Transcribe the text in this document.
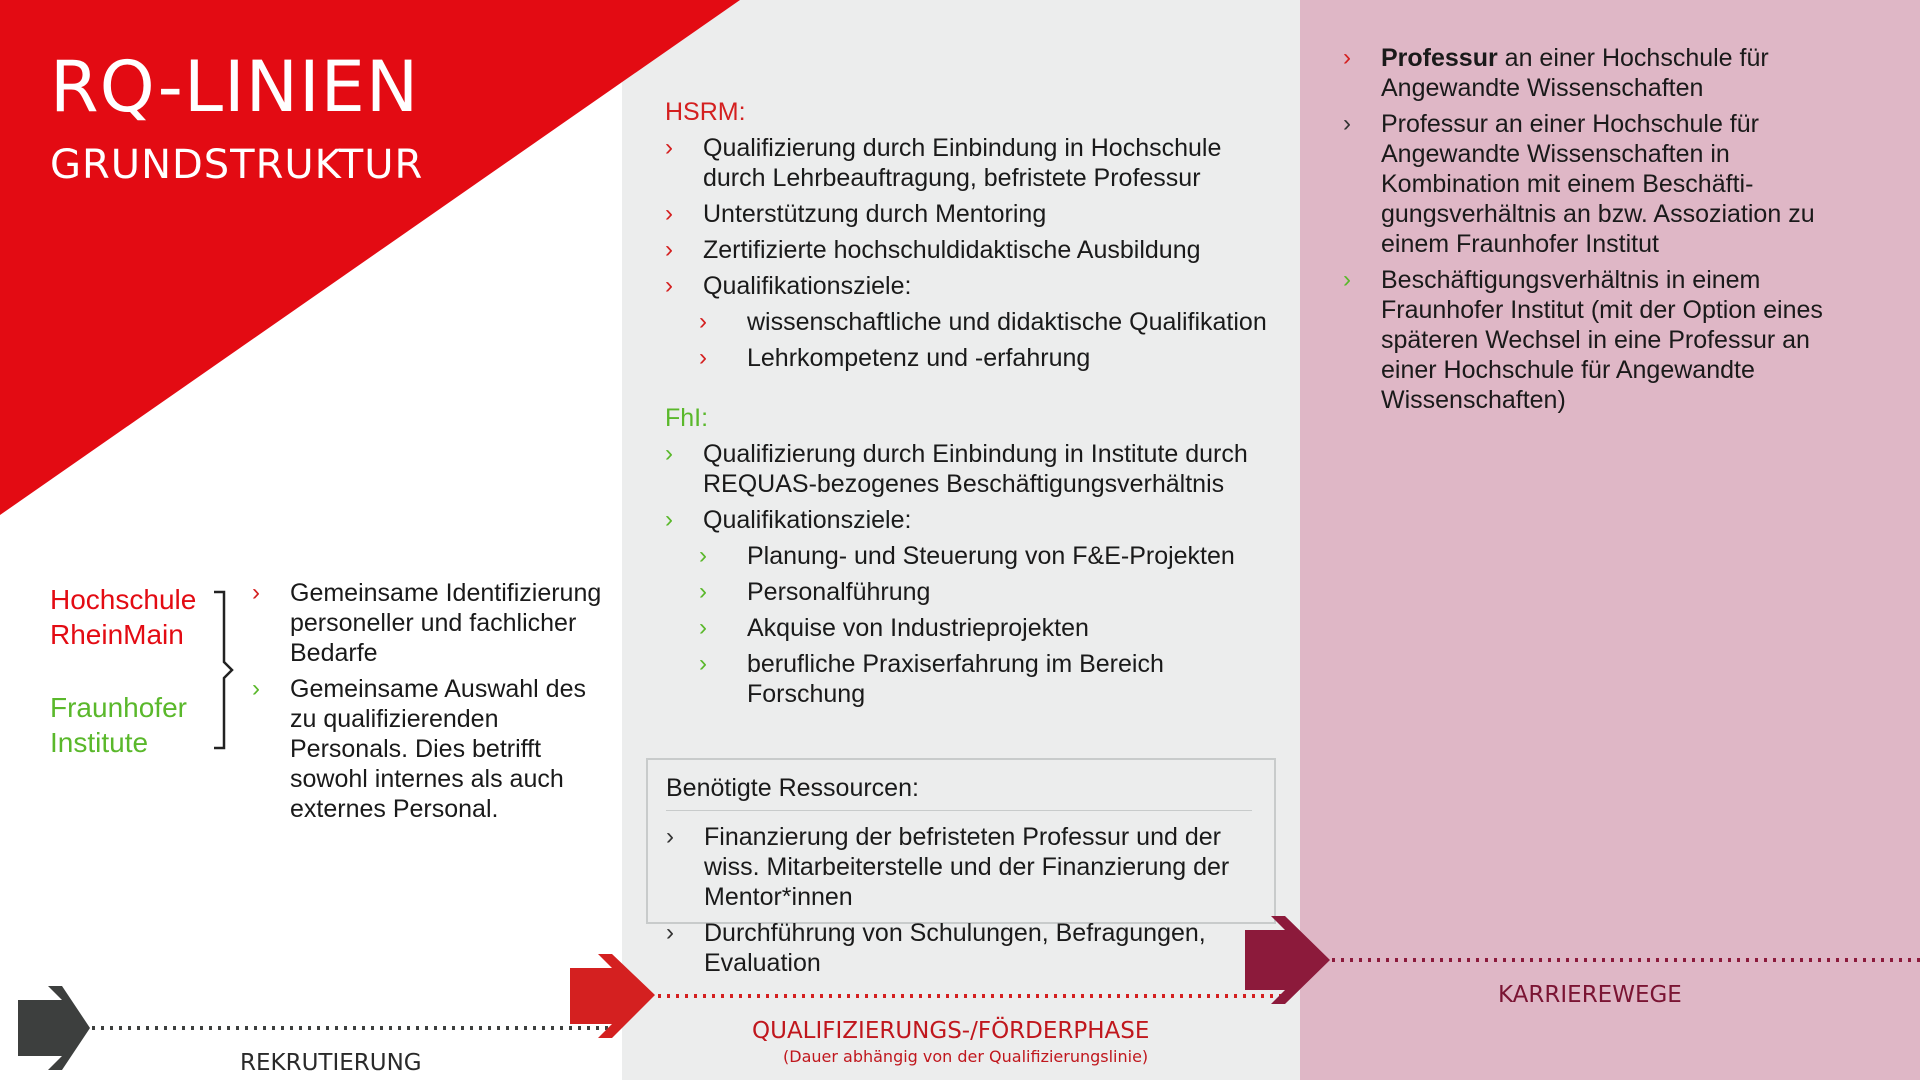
RQ-LINIEN
GRUNDSTRUKTUR
Hochschule
RheinMain
Fraunhofer
Institute
› Gemeinsame Identifizierung personeller und fachlicher Bedarfe
› Gemeinsame Auswahl des zu qualifizierenden Personals. Dies betrifft sowohl internes als auch externes Personal.
HSRM:
› Qualifizierung durch Einbindung in Hochschule durch Lehrbeauftragung, befristete Professur
› Unterstützung durch Mentoring
› Zertifizierte hochschuldidaktische Ausbildung
› Qualifikationsziele:
› wissenschaftliche und didaktische Qualifikation
› Lehrkompetenz und -erfahrung
FhI:
› Qualifizierung durch Einbindung in Institute durch REQUAS-bezogenes Beschäftigungsverhältnis
› Qualifikationsziele:
› Planung- und Steuerung von F&E-Projekten
› Personalführung
› Akquise von Industrieprojekten
› berufliche Praxiserfahrung im Bereich Forschung
Benötigte Ressourcen:
› Finanzierung der befristeten Professur und der wiss. Mitarbeiterstelle und der Finanzierung der Mentor*innen
› Durchführung von Schulungen, Befragungen, Evaluation
› Professur an einer Hochschule für Angewandte Wissenschaften
› Professur an einer Hochschule für Angewandte Wissenschaften in Kombination mit einem Beschäfti-gungsverhältnis an bzw. Assoziation zu einem Fraunhofer Institut
› Beschäftigungsverhältnis in einem Fraunhofer Institut (mit der Option eines späteren Wechsel in eine Professur an einer Hochschule für Angewandte Wissenschaften)
REKRUTIERUNG
QUALIFIZIERUNGS-/FÖRDERPHASE
(Dauer abhängig von der Qualifizierungslinie)
KARRIEREWEGE
